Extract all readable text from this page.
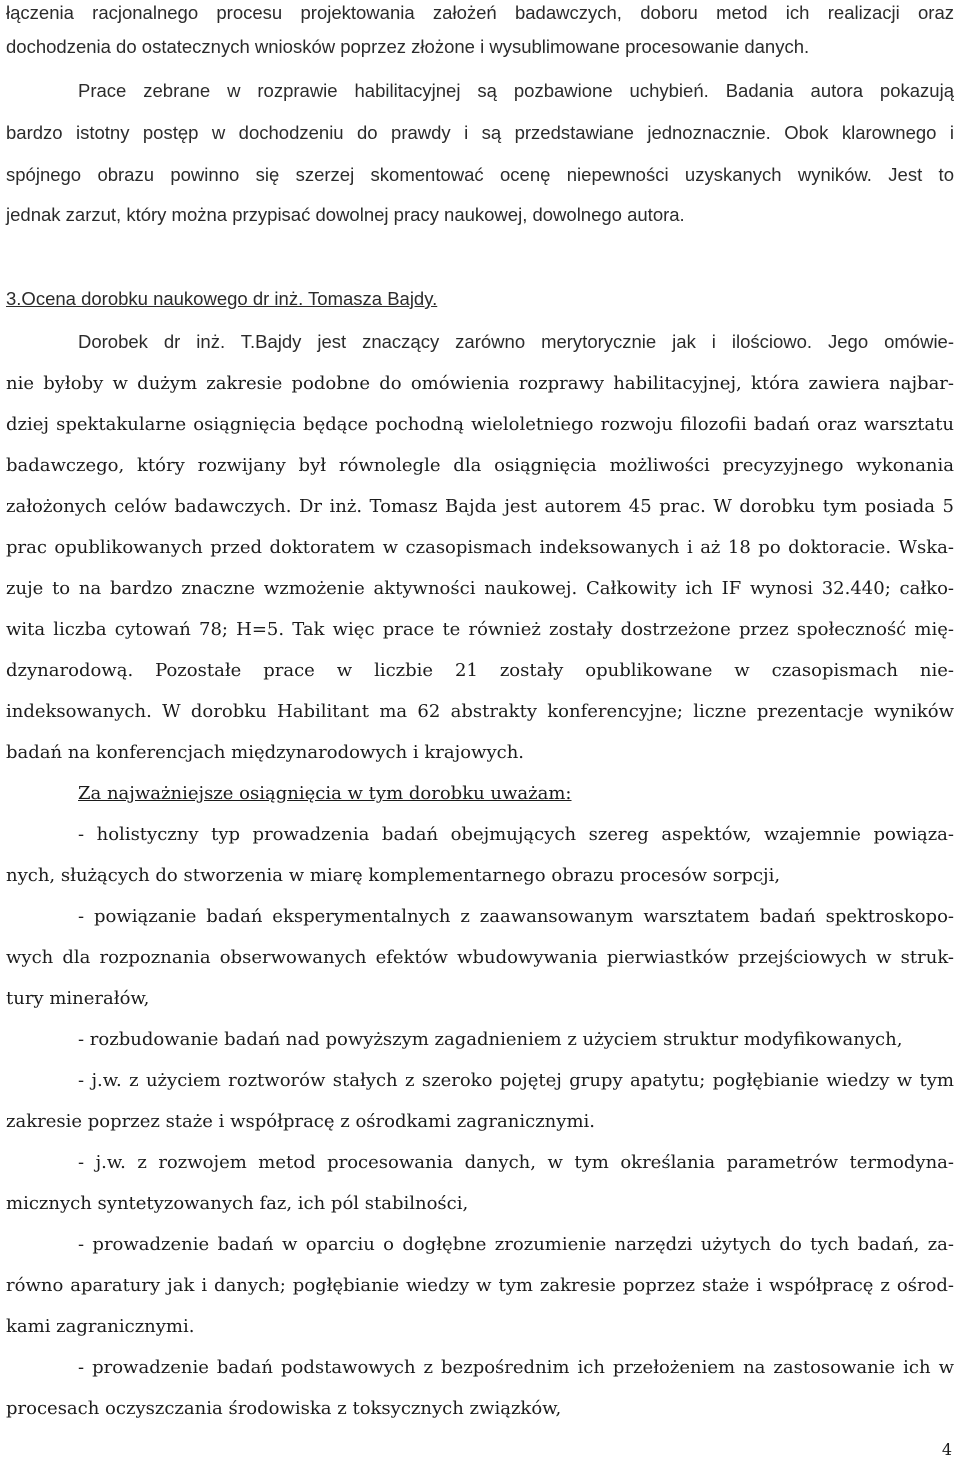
łączenia racjonalnego procesu projektowania założeń badawczych, doboru metod ich realizacji oraz
dochodzenia do ostatecznych wniosków poprzez złożone i wysublimowane procesowanie danych.
Prace zebrane w rozprawie habilitacyjnej są pozbawione uchybień. Badania autora pokazują
bardzo istotny postęp w dochodzeniu do prawdy i są przedstawiane jednoznacznie. Obok klarownego i
spójnego obrazu powinno się szerzej skomentować ocenę niepewności uzyskanych wyników. Jest to
jednak zarzut, który można przypisać dowolnej pracy naukowej, dowolnego autora.
3.Ocena dorobku naukowego dr inż. Tomasza Bajdy.
Dorobek dr inż. T.Bajdy jest znaczący zarówno merytorycznie jak i ilościowo. Jego omówie-
nie byłoby w dużym zakresie podobne do omówienia rozprawy habilitacyjnej, która zawiera najbar-
dziej spektakularne osiągnięcia będące pochodną wieloletniego rozwoju filozofii badań oraz warsztatu
badawczego, który rozwijany był równolegle dla osiągnięcia możliwości precyzyjnego wykonania
założonych celów badawczych. Dr inż. Tomasz Bajda jest autorem 45 prac. W dorobku tym posiada 5
prac opublikowanych przed doktoratem w czasopismach indeksowanych i aż 18 po doktoracie. Wska-
zuje to na bardzo znaczne wzmożenie aktywności naukowej. Całkowity ich IF wynosi 32.440; całko-
wita liczba cytowań 78; H=5. Tak więc prace te również zostały dostrzeżone przez społeczność mię-
dzynarodową. Pozostałe prace w liczbie 21 zostały opublikowane w czasopismach nie-
indeksowanych. W dorobku Habilitant ma 62 abstrakty konferencyjne; liczne prezentacje wyników
badań na konferencjach międzynarodowych i krajowych.
Za najważniejsze osiągnięcia w tym dorobku uważam:
- holistyczny typ prowadzenia badań obejmujących szereg aspektów, wzajemnie powiąza-
nych, służących do stworzenia w miarę komplementarnego obrazu procesów sorpcji,
- powiązanie badań eksperymentalnych z zaawansowanym warsztatem badań spektroskopo-
wych dla rozpoznania obserwowanych efektów wbudowywania pierwiastków przejściowych w struk-
tury minerałów,
- rozbudowanie badań nad powyższym zagadnieniem z użyciem struktur modyfikowanych,
- j.w. z użyciem roztworów stałych z szeroko pojętej grupy apatytu; pogłębianie wiedzy w tym
zakresie poprzez staże i współpracę z ośrodkami zagranicznymi.
- j.w. z rozwojem metod procesowania danych, w tym określania parametrów termodyna-
micznych syntetyzowanych faz, ich pól stabilności,
- prowadzenie badań w oparciu o dogłębne zrozumienie narzędzi użytych do tych badań, za-
równo aparatury jak i danych; pogłębianie wiedzy w tym zakresie poprzez staże i współpracę z ośrod-
kami zagranicznymi.
- prowadzenie badań podstawowych z bezpośrednim ich przełożeniem na zastosowanie ich w
procesach oczyszczania środowiska z toksycznych związków,
4
